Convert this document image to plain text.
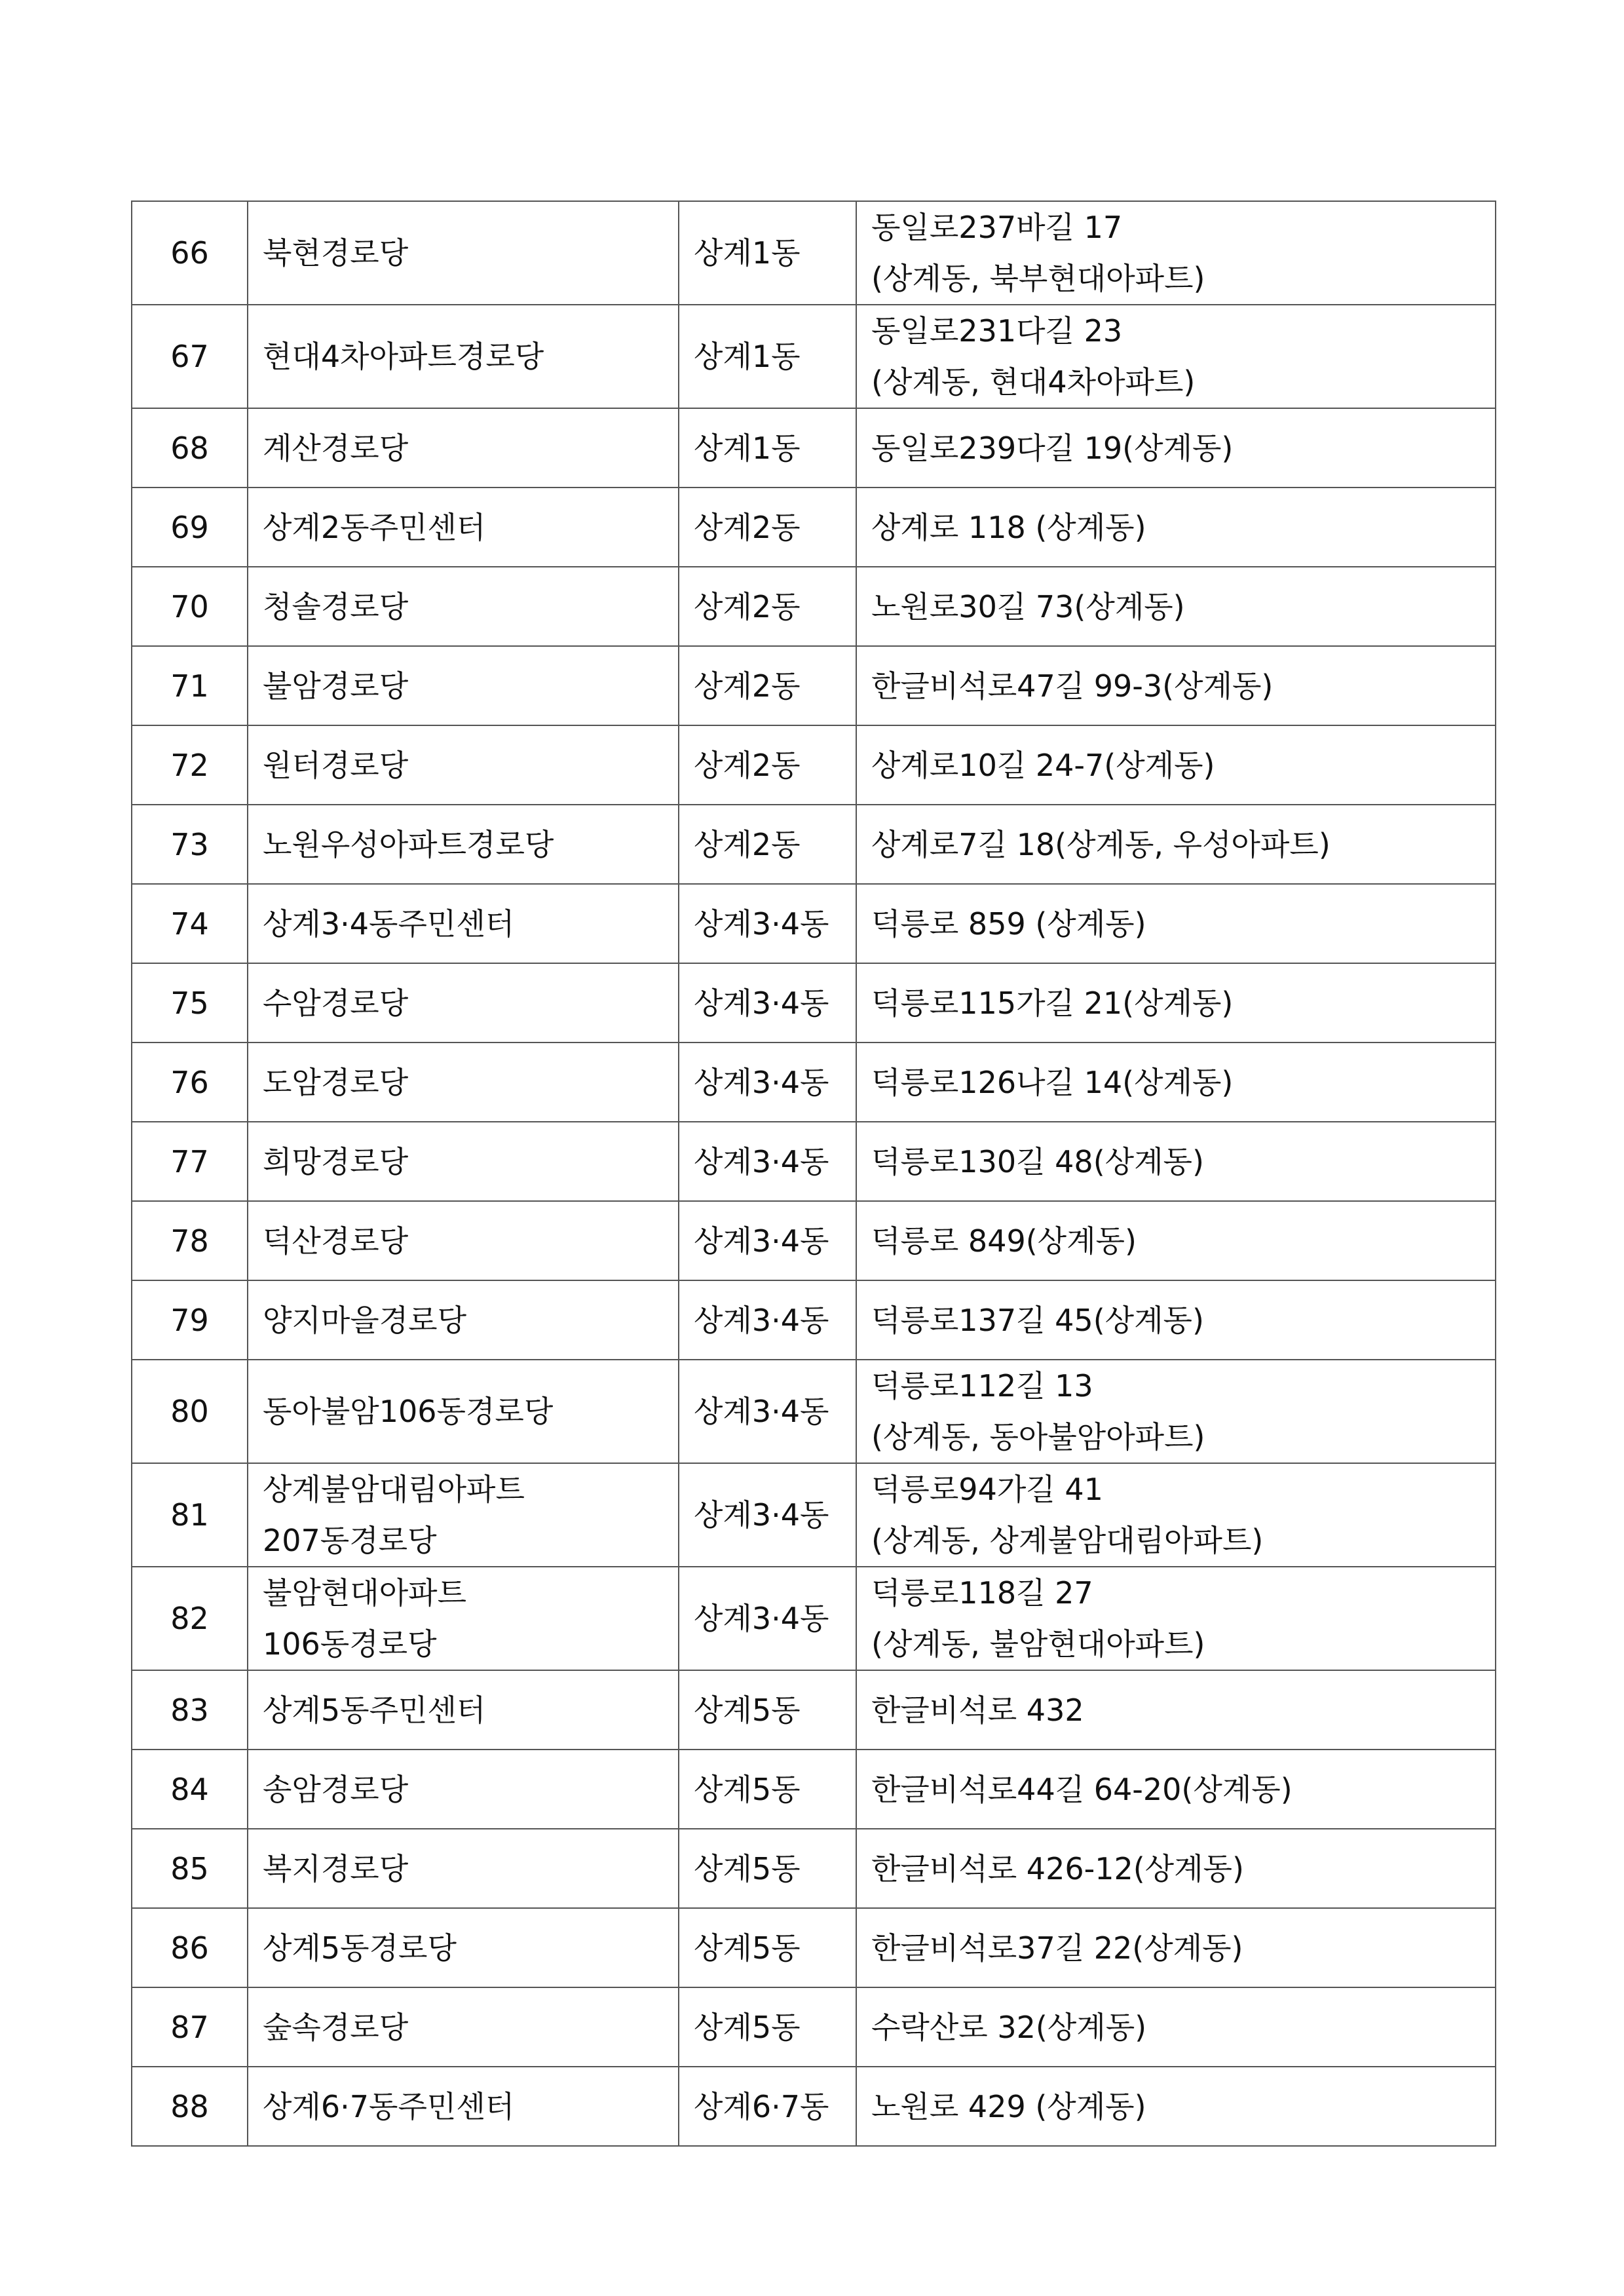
66	북현경로당	상계1동	동일로237바길 17
(상계동, 북부현대아파트)

67	현대4차아파트경로당	상계1동	동일로231다길 23
(상계동, 현대4차아파트)

68	계산경로당	상계1동	동일로239다길 19(상계동)

69	상계2동주민센터	상계2동	상계로 118 (상계동)

70	청솔경로당	상계2동	노원로30길 73(상계동)

71	불암경로당	상계2동	한글비석로47길 99-3(상계동)

72	원터경로당	상계2동	상계로10길 24-7(상계동)

73	노원우성아파트경로당	상계2동	상계로7길 18(상계동, 우성아파트)

74	상계3·4동주민센터	상계3·4동	덕릉로 859 (상계동)

75	수암경로당	상계3·4동	덕릉로115가길 21(상계동)

76	도암경로당	상계3·4동	덕릉로126나길 14(상계동)

77	희망경로당	상계3·4동	덕릉로130길 48(상계동)

78	덕산경로당	상계3·4동	덕릉로 849(상계동)

79	양지마을경로당	상계3·4동	덕릉로137길 45(상계동)

80	동아불암106동경로당	상계3·4동	덕릉로112길 13
(상계동, 동아불암아파트)

81	상계불암대림아파트
207동경로당	상계3·4동	덕릉로94가길 41
(상계동, 상계불암대림아파트)

82	불암현대아파트
106동경로당	상계3·4동	덕릉로118길 27
(상계동, 불암현대아파트)

83	상계5동주민센터	상계5동	한글비석로 432

84	송암경로당	상계5동	한글비석로44길 64-20(상계동)

85	복지경로당	상계5동	한글비석로 426-12(상계동)

86	상계5동경로당	상계5동	한글비석로37길 22(상계동)

87	숲속경로당	상계5동	수락산로 32(상계동)

88	상계6·7동주민센터	상계6·7동	노원로 429 (상계동)
